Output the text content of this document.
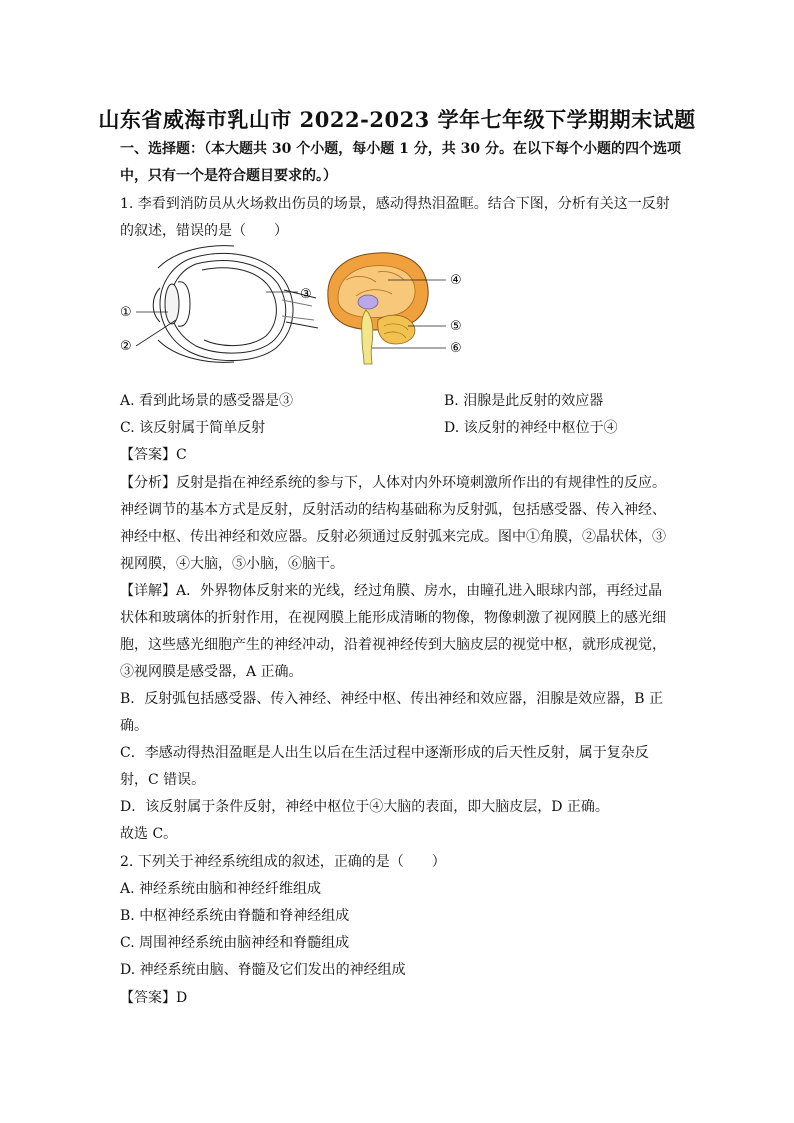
山东省威海市乳山市 2022-2023 学年七年级下学期期末试题
一、选择题：（本大题共 30 个小题，每小题 1 分，共 30 分。在以下每个小题的四个选项
中，只有一个是符合题目要求的。）
1. 李看到消防员从火场救出伤员的场景，感动得热泪盈眶。结合下图，分析有关这一反射
的叙述，错误的是（　　）
①
②
③
④
⑤
⑥
A. 看到此场景的感受器是③	B. 泪腺是此反射的效应器
C. 该反射属于简单反射	D. 该反射的神经中枢位于④
【答案】C
【分析】反射是指在神经系统的参与下，人体对内外环境刺激所作出的有规律性的反应。
神经调节的基本方式是反射，反射活动的结构基础称为反射弧，包括感受器、传入神经、
神经中枢、传出神经和效应器。反射必须通过反射弧来完成。图中①角膜，②晶状体，③
视网膜，④大脑，⑤小脑，⑥脑干。
【详解】A．外界物体反射来的光线，经过角膜、房水，由瞳孔进入眼球内部，再经过晶
状体和玻璃体的折射作用，在视网膜上能形成清晰的物像，物像刺激了视网膜上的感光细
胞，这些感光细胞产生的神经冲动，沿着视神经传到大脑皮层的视觉中枢，就形成视觉，
③视网膜是感受器，A 正确。
B．反射弧包括感受器、传入神经、神经中枢、传出神经和效应器，泪腺是效应器，B 正
确。
C．李感动得热泪盈眶是人出生以后在生活过程中逐渐形成的后天性反射，属于复杂反
射，C 错误。
D．该反射属于条件反射，神经中枢位于④大脑的表面，即大脑皮层，D 正确。
故选 C。
2. 下列关于神经系统组成的叙述，正确的是（　　）
A. 神经系统由脑和神经纤维组成
B. 中枢神经系统由脊髓和脊神经组成
C. 周围神经系统由脑神经和脊髓组成
D. 神经系统由脑、脊髓及它们发出的神经组成
【答案】D
